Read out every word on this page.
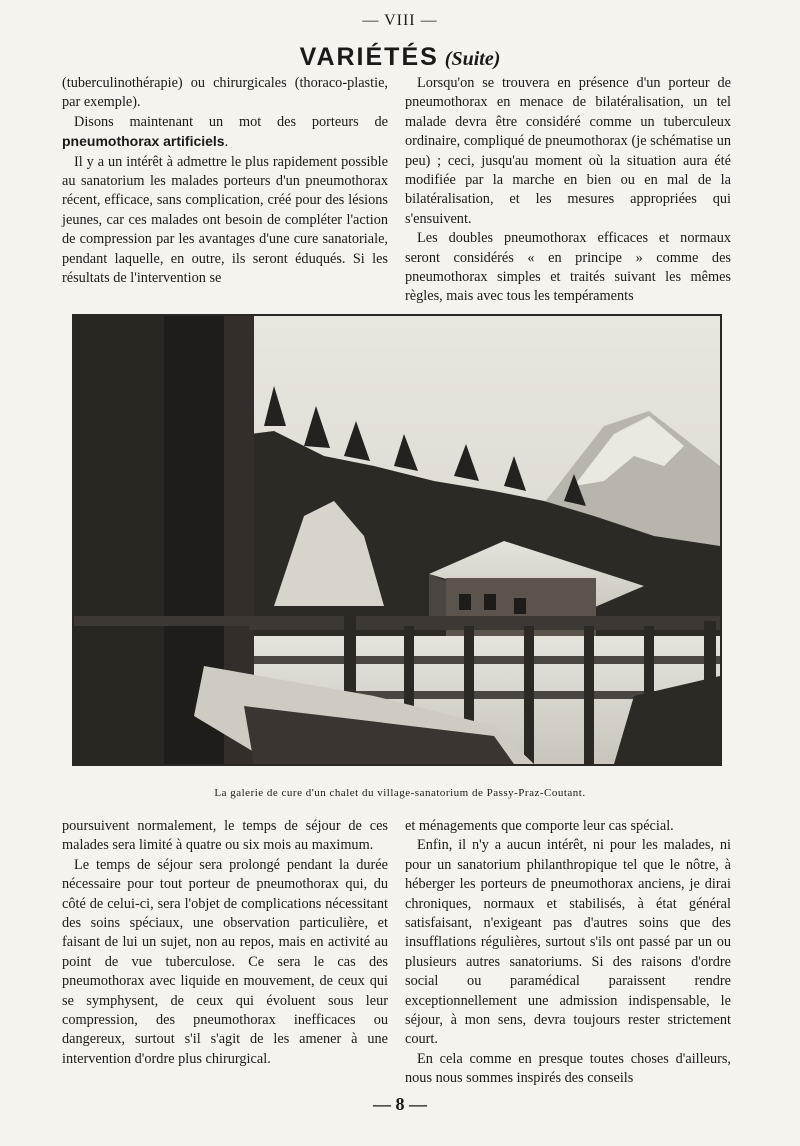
— VIII —
VARIÉTÉS (Suite)

(tuberculinothérapie) ou chirurgicales (thoraco-plastie, par exemple).

Disons maintenant un mot des porteurs de pneumothorax artificiels.

Il y a un intérêt à admettre le plus rapidement possible au sanatorium les malades porteurs d'un pneumothorax récent, efficace, sans complication, créé pour des lésions jeunes, car ces malades ont besoin de compléter l'action de compression par les avantages d'une cure sanatoriale, pendant laquelle, en outre, ils seront éduqués. Si les résultats de l'intervention se

Lorsqu'on se trouvera en présence d'un porteur de pneumothorax en menace de bilatéralisation, un tel malade devra être considéré comme un tuberculeux ordinaire, compliqué de pneumothorax (je schématise un peu) ; ceci, jusqu'au moment où la situation aura été modifiée par la marche en bien ou en mal de la bilatéralisation, et les mesures appropriées qui s'ensuivent.

Les doubles pneumothorax efficaces et normaux seront considérés « en principe » comme des pneumothorax simples et traités suivant les mêmes règles, mais avec tous les tempéraments

La galerie de cure d'un chalet du village-sanatorium de Passy-Praz-Coutant.

poursuivent normalement, le temps de séjour de ces malades sera limité à quatre ou six mois au maximum.

Le temps de séjour sera prolongé pendant la durée nécessaire pour tout porteur de pneumothorax qui, du côté de celui-ci, sera l'objet de complications nécessitant des soins spéciaux, une observation particulière, et faisant de lui un sujet, non au repos, mais en activité au point de vue tuberculose. Ce sera le cas des pneumothorax avec liquide en mouvement, de ceux qui se symphysent, de ceux qui évoluent sous leur compression, des pneumothorax inefficaces ou dangereux, surtout s'il s'agit de les amener à une intervention d'ordre plus chirurgical.

et ménagements que comporte leur cas spécial.

Enfin, il n'y a aucun intérêt, ni pour les malades, ni pour un sanatorium philanthropique tel que le nôtre, à héberger les porteurs de pneumothorax anciens, je dirai chroniques, normaux et stabilisés, à état général satisfaisant, n'exigeant pas d'autres soins que des insufflations régulières, surtout s'ils ont passé par un ou plusieurs autres sanatoriums. Si des raisons d'ordre social ou paramédical paraissent rendre exceptionnellement une admission indispensable, le séjour, à mon sens, devra toujours rester strictement court.

En cela comme en presque toutes choses d'ailleurs, nous nous sommes inspirés des conseils

— 8 —
